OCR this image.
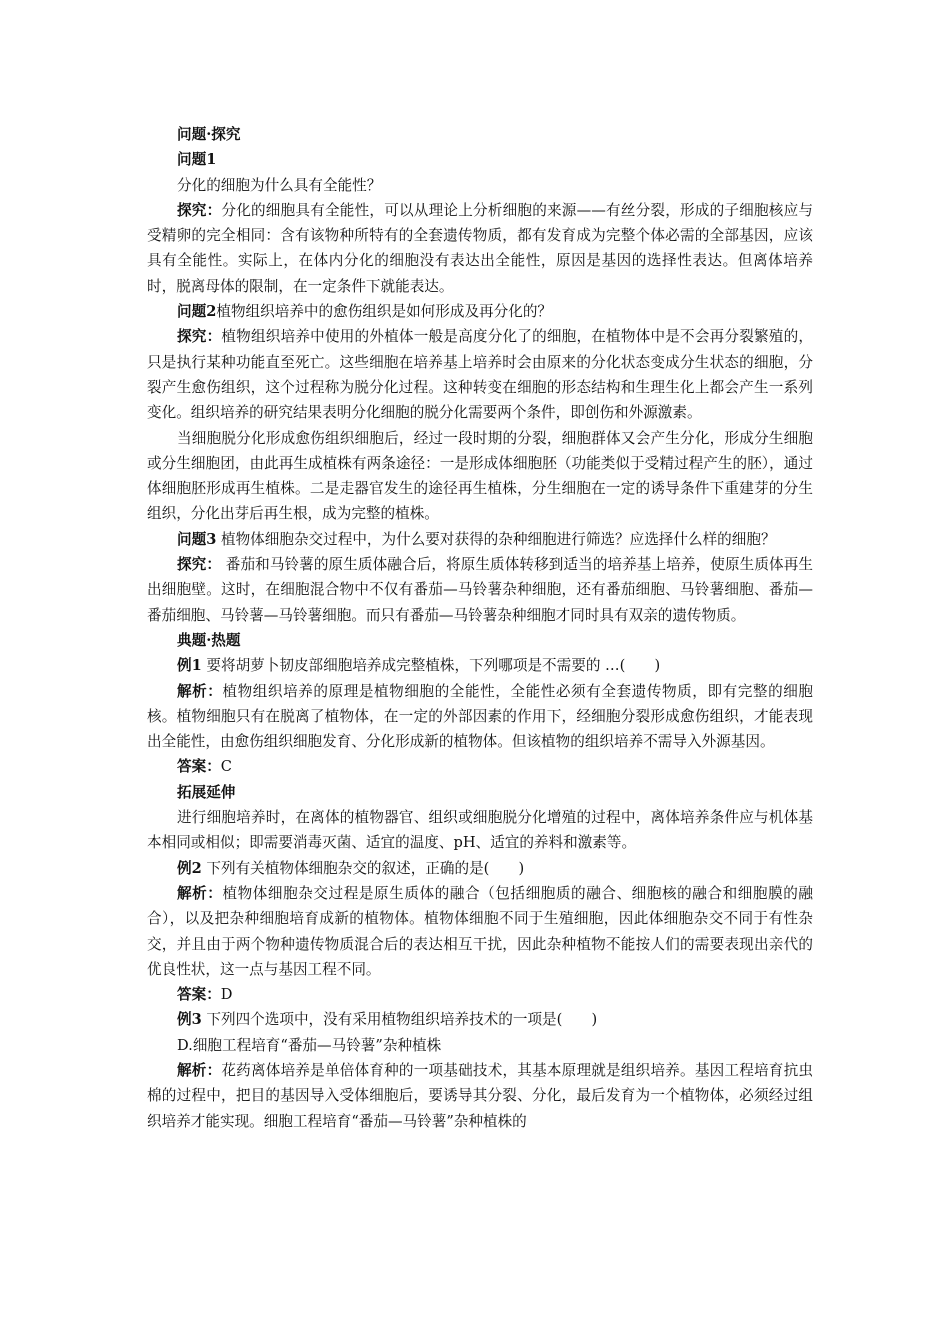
问题·探究
问题1

分化的细胞为什么具有全能性？

探究：分化的细胞具有全能性，可以从理论上分析细胞的来源——有丝分裂，形成的子细胞核应与受精卵的完全相同：含有该物种所特有的全套遗传物质，都有发育成为完整个体必需的全部基因，应该具有全能性。实际上，在体内分化的细胞没有表达出全能性，原因是基因的选择性表达。但离体培养时，脱离母体的限制，在一定条件下就能表达。

问题2植物组织培养中的愈伤组织是如何形成及再分化的？

探究：植物组织培养中使用的外植体一般是高度分化了的细胞，在植物体中是不会再分裂繁殖的，只是执行某种功能直至死亡。这些细胞在培养基上培养时会由原来的分化状态变成分生状态的细胞，分裂产生愈伤组织，这个过程称为脱分化过程。这种转变在细胞的形态结构和生理生化上都会产生一系列变化。组织培养的研究结果表明分化细胞的脱分化需要两个条件，即创伤和外源激素。

当细胞脱分化形成愈伤组织细胞后，经过一段时期的分裂，细胞群体又会产生分化，形成分生细胞或分生细胞团，由此再生成植株有两条途径：一是形成体细胞胚（功能类似于受精过程产生的胚），通过体细胞胚形成再生植株。二是走器官发生的途径再生植株，分生细胞在一定的诱导条件下重建芽的分生组织，分化出芽后再生根，成为完整的植株。

问题3 植物体细胞杂交过程中，为什么要对获得的杂种细胞进行筛选？应选择什么样的细胞？

探究： 番茄和马铃薯的原生质体融合后，将原生质体转移到适当的培养基上培养，使原生质体再生出细胞壁。这时，在细胞混合物中不仅有番茄—马铃薯杂种细胞，还有番茄细胞、马铃薯细胞、番茄—番茄细胞、马铃薯—马铃薯细胞。而只有番茄—马铃薯杂种细胞才同时具有双亲的遗传物质。

典题·热题

例1 要将胡萝卜韧皮部细胞培养成完整植株，下列哪项是不需要的 …(　　)

解析：植物组织培养的原理是植物细胞的全能性，全能性必须有全套遗传物质，即有完整的细胞核。植物细胞只有在脱离了植物体，在一定的外部因素的作用下，经细胞分裂形成愈伤组织，才能表现出全能性，由愈伤组织细胞发育、分化形成新的植物体。但该植物的组织培养不需导入外源基因。

答案：C
拓展延伸

进行细胞培养时，在离体的植物器官、组织或细胞脱分化增殖的过程中，离体培养条件应与机体基本相同或相似；即需要消毒灭菌、适宜的温度、pH、适宜的养料和激素等。

例2 下列有关植物体细胞杂交的叙述，正确的是(　　)

解析：植物体细胞杂交过程是原生质体的融合（包括细胞质的融合、细胞核的融合和细胞膜的融合），以及把杂种细胞培育成新的植物体。植物体细胞不同于生殖细胞，因此体细胞杂交不同于有性杂交，并且由于两个物种遗传物质混合后的表达相互干扰，因此杂种植物不能按人们的需要表现出亲代的优良性状，这一点与基因工程不同。

答案：D

例3 下列四个选项中，没有采用植物组织培养技术的一项是(　　)

D.细胞工程培育“番茄—马铃薯”杂种植株

解析：花药离体培养是单倍体育种的一项基础技术，其基本原理就是组织培养。基因工程培育抗虫棉的过程中，把目的基因导入受体细胞后，要诱导其分裂、分化，最后发育为一个植物体，必须经过组织培养才能实现。细胞工程培育“番茄—马铃薯”杂种植株的
